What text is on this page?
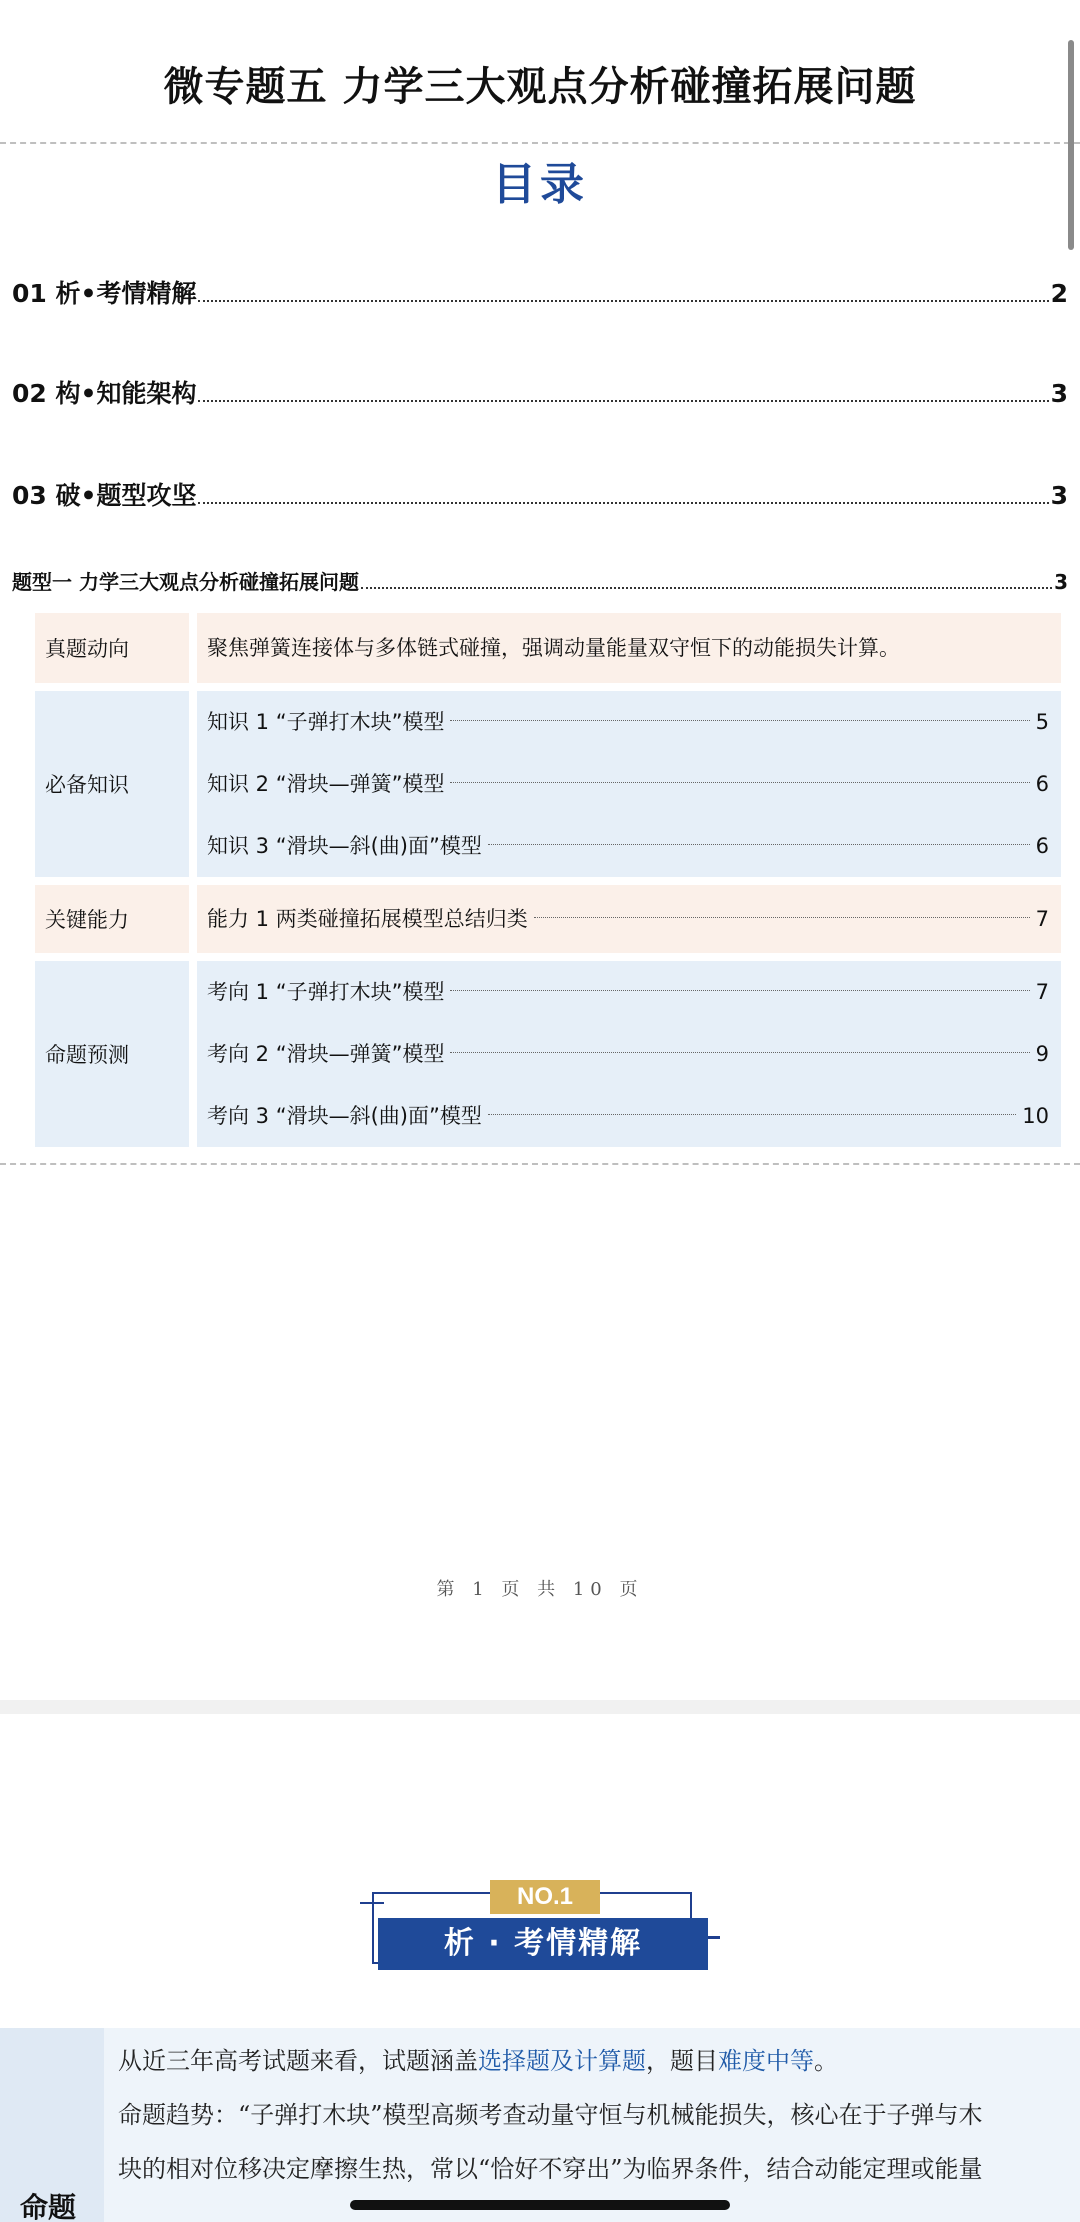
微专题五 力学三大观点分析碰撞拓展问题
目录
01 析•考情精解	2
02 构•知能架构	3
03 破•题型攻坚	3
题型一 力学三大观点分析碰撞拓展问题	3
真题动向	聚焦弹簧连接体与多体链式碰撞，强调动量能量双守恒下的动能损失计算。
必备知识
知识 1 “子弹打木块”模型	5
知识 2 “滑块—弹簧”模型	6
知识 3 “滑块—斜(曲)面”模型	6
关键能力	能力 1 两类碰撞拓展模型总结归类	7
命题预测
考向 1 “子弹打木块”模型	7
考向 2 “滑块—弹簧”模型	9
考向 3 “滑块—斜(曲)面”模型	10
第 1 页 共 10 页
NO.1
析 · 考情精解
命题
从近三年高考试题来看，试题涵盖选择题及计算题，题目难度中等。
命题趋势：“子弹打木块”模型高频考查动量守恒与机械能损失，核心在于子弹与木
块的相对位移决定摩擦生热，常以“恰好不穿出”为临界条件，结合动能定理或能量
